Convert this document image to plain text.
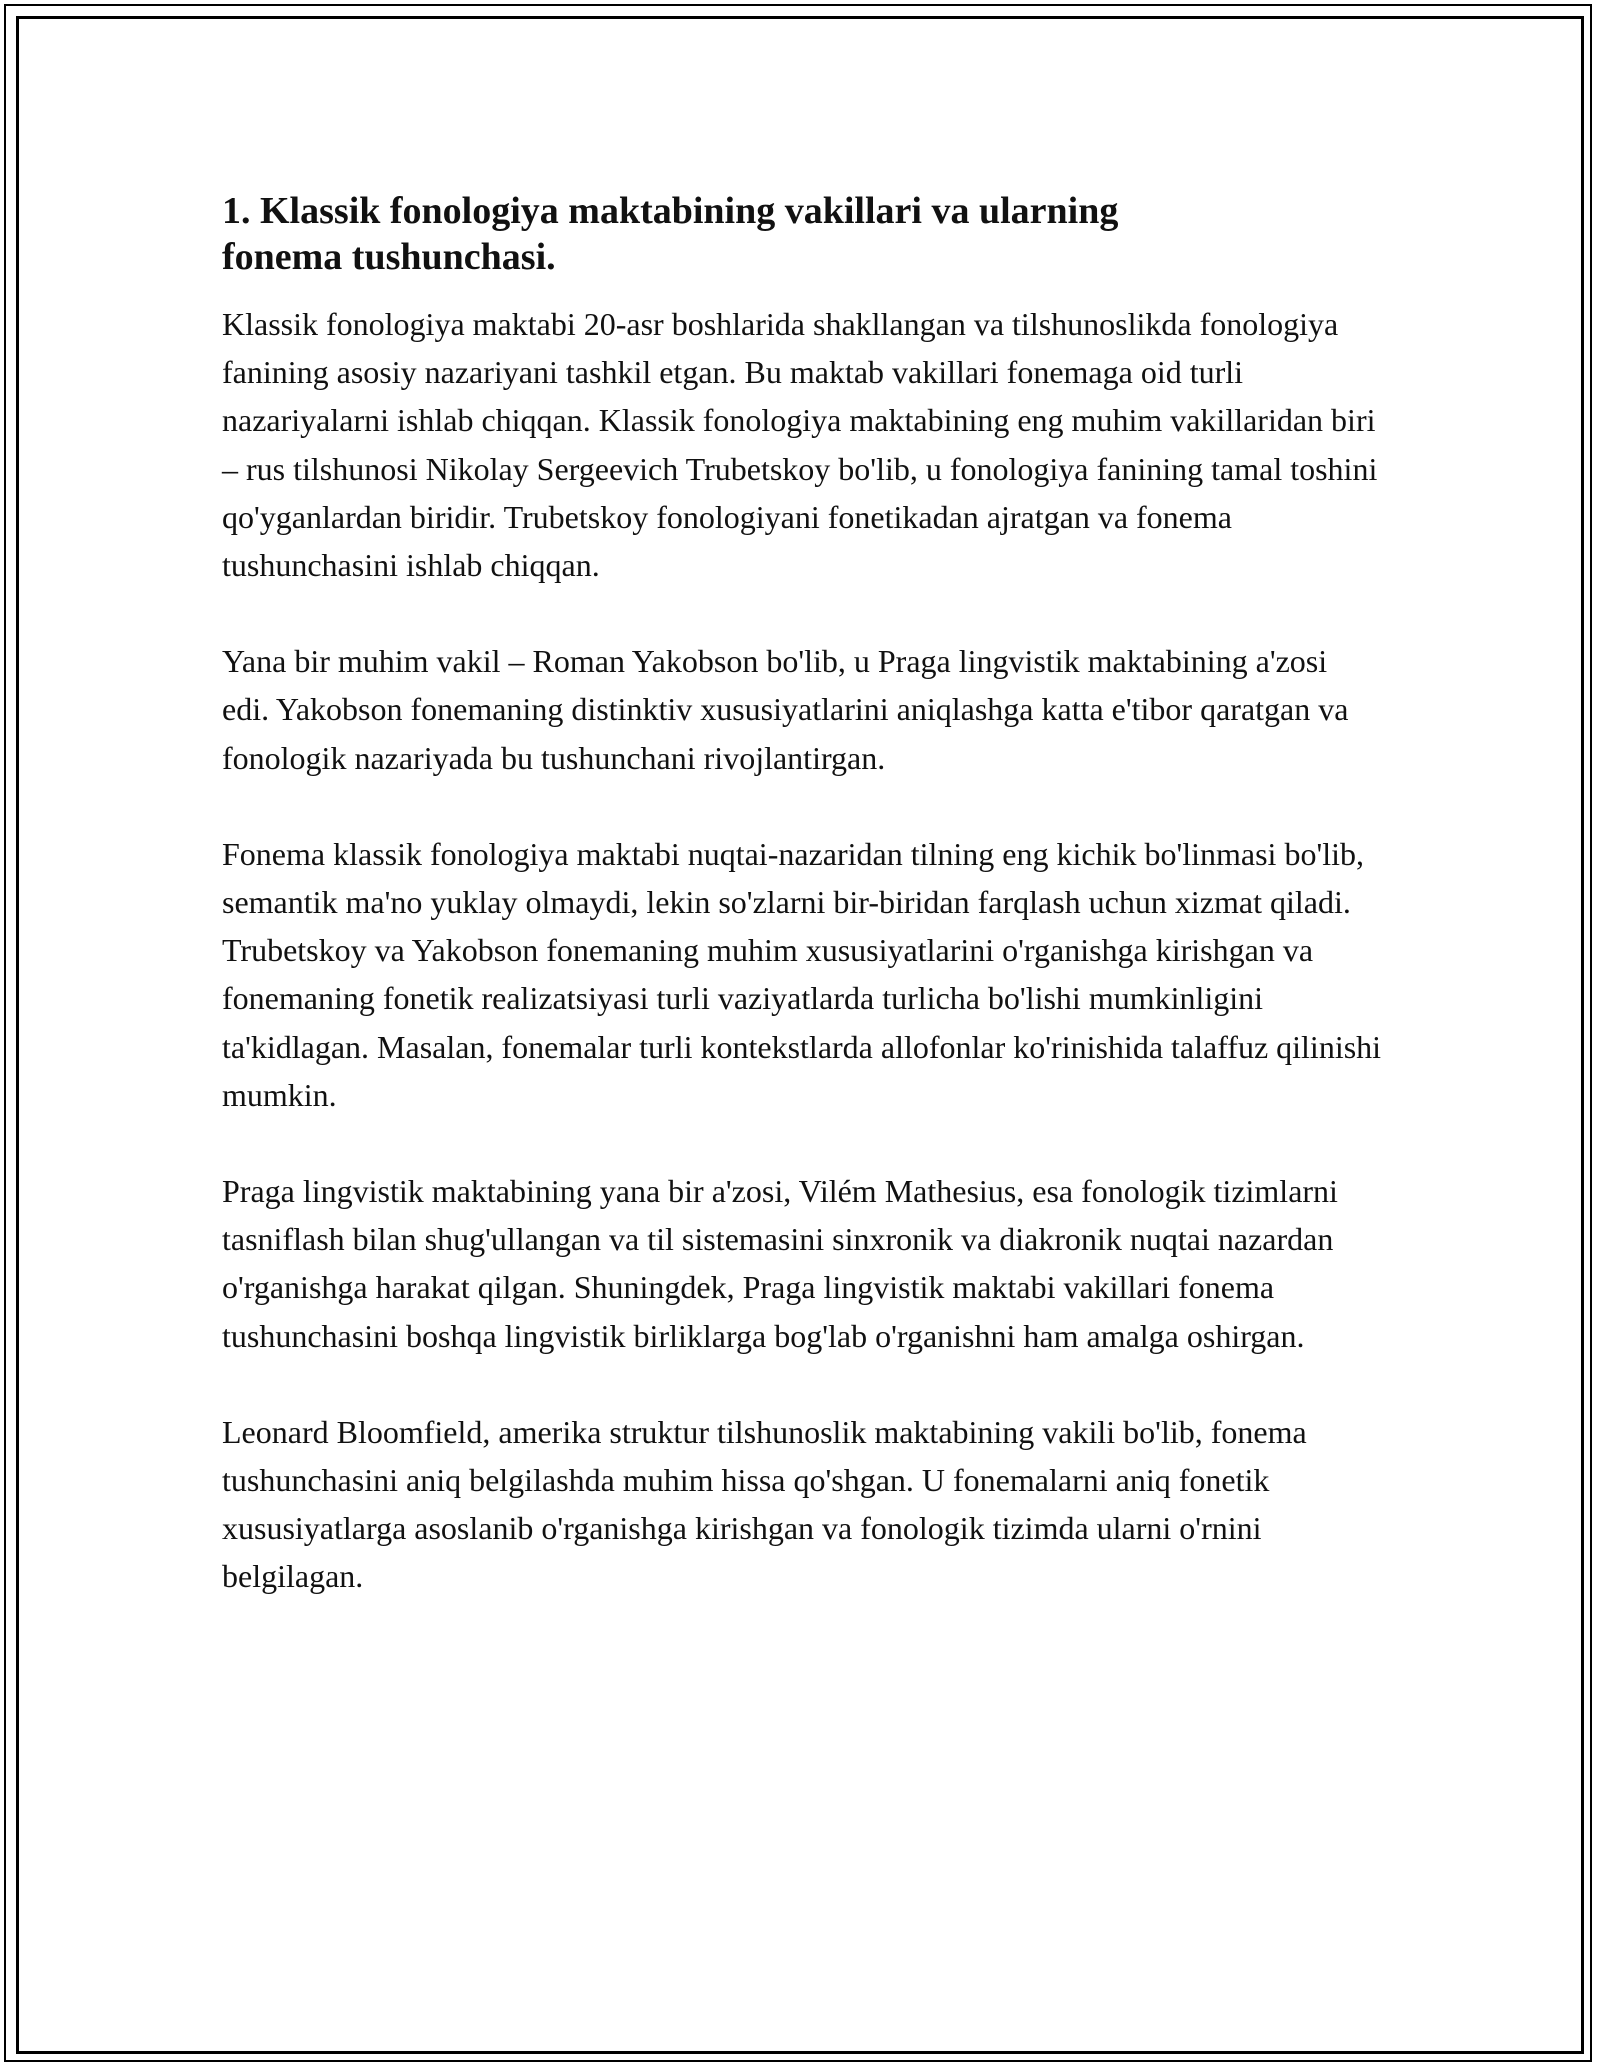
1. Klassik fonologiya maktabining vakillari va ularning fonema tushunchasi.

Klassik fonologiya maktabi 20-asr boshlarida shakllangan va tilshunoslikda fonologiya fanining asosiy nazariyani tashkil etgan. Bu maktab vakillari fonemaga oid turli nazariyalarni ishlab chiqqan. Klassik fonologiya maktabining eng muhim vakillaridan biri – rus tilshunosi Nikolay Sergeevich Trubetskoy bo'lib, u fonologiya fanining tamal toshini qo'yganlardan biridir. Trubetskoy fonologiyani fonetikadan ajratgan va fonema tushunchasini ishlab chiqqan.

Yana bir muhim vakil – Roman Yakobson bo'lib, u Praga lingvistik maktabining a'zosi edi. Yakobson fonemaning distinktiv xususiyatlarini aniqlashga katta e'tibor qaratgan va fonologik nazariyada bu tushunchani rivojlantirgan.

Fonema klassik fonologiya maktabi nuqtai-nazaridan tilning eng kichik bo'linmasi bo'lib, semantik ma'no yuklay olmaydi, lekin so'zlarni bir-biridan farqlash uchun xizmat qiladi. Trubetskoy va Yakobson fonemaning muhim xususiyatlarini o'rganishga kirishgan va fonemaning fonetik realizatsiyasi turli vaziyatlarda turlicha bo'lishi mumkinligini ta'kidlagan. Masalan, fonemalar turli kontekstlarda allofonlar ko'rinishida talaffuz qilinishi mumkin.

Praga lingvistik maktabining yana bir a'zosi, Vilém Mathesius, esa fonologik tizimlarni tasniflash bilan shug'ullangan va til sistemasini sinxronik va diakronik nuqtai nazardan o'rganishga harakat qilgan. Shuningdek, Praga lingvistik maktabi vakillari fonema tushunchasini boshqa lingvistik birliklarga bog'lab o'rganishni ham amalga oshirgan.

Leonard Bloomfield, amerika struktur tilshunoslik maktabining vakili bo'lib, fonema tushunchasini aniq belgilashda muhim hissa qo'shgan. U fonemalarni aniq fonetik xususiyatlarga asoslanib o'rganishga kirishgan va fonologik tizimda ularni o'rnini belgilagan.
